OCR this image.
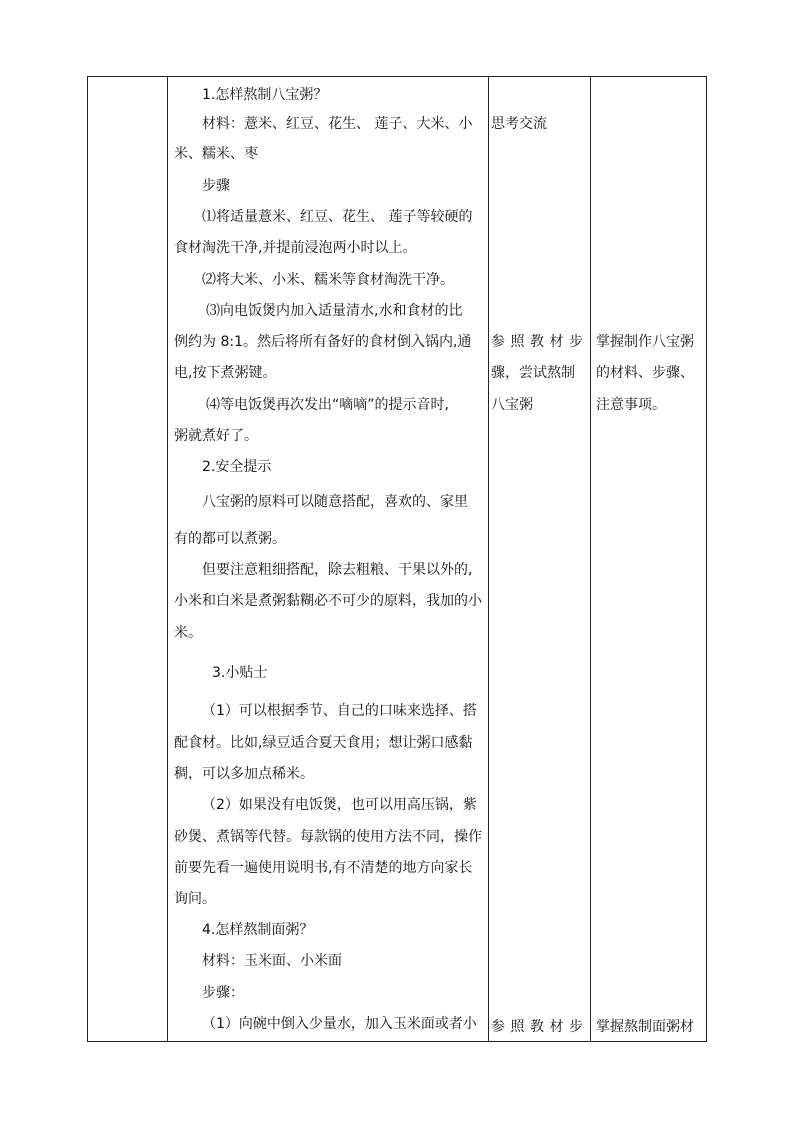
1.怎样熬制八宝粥？
材料：薏米、红豆、花生、 莲子、大米、小
米、糯米、枣
步骤
⑴将适量薏米、红豆、花生、 莲子等较硬的
食材淘洗干净,并提前浸泡两小时以上。
⑵将大米、小米、糯米等食材淘洗干净。
⑶向电饭煲内加入适量清水,水和食材的比
例约为 8:1。然后将所有备好的食材倒入锅内,通
电,按下煮粥键。
⑷等电饭煲再次发出“嘀嘀”的提示音时,
粥就煮好了。
2.安全提示
八宝粥的原料可以随意搭配，喜欢的、家里
有的都可以煮粥。
但要注意粗细搭配，除去粗粮、干果以外的,
小米和白米是煮粥黏糊必不可少的原料，我加的小
米。
3.小贴士
（1）可以根据季节、自己的口味来选择、搭
配食材。比如,绿豆适合夏天食用；想让粥口感黏
稠，可以多加点稀米。
（2）如果没有电饭煲，也可以用高压锅，紫
砂煲、煮锅等代替。每款锅的使用方法不同，操作
前要先看一遍使用说明书,有不清楚的地方向家长
询问。
4.怎样熬制面粥？
材料：玉米面、小米面
步骤：
（1）向碗中倒入少量水，加入玉米面或者小
思考交流
参 照 教 材 步
骤，尝试熬制
八宝粥
参 照 教 材 步
掌握制作八宝粥
的材料、步骤、
注意事项。
掌握熬制面粥材
